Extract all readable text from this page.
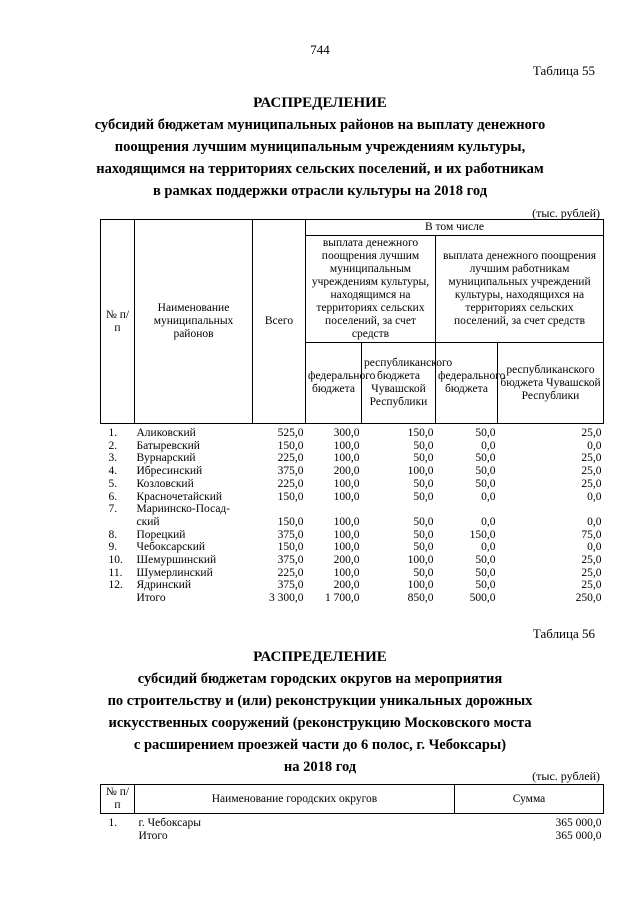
744
Таблица 55
РАСПРЕДЕЛЕНИЕ
субсидий бюджетам муниципальных районов на выплату денежного
поощрения лучшим муниципальным учреждениям культуры,
находящимся на территориях сельских поселений, и их работникам
в рамках поддержки отрасли культуры на 2018 год
(тыс. рублей)
№ п/п	Наименование муниципальных районов	Всего	В том числе			
			выплата денежного поощрения лучшим муниципальным учреждениям культуры, находящимся на территориях сельских поселений, за счет средств		выплата денежного поощрения лучшим работникам муниципальных учреждений культуры, находящихся на территориях сельских поселений, за счет средств	
			федерального бюджета	республиканского бюджета Чувашской Республики	федерального бюджета	республиканского бюджета Чувашской Республики
1.	Аликовский	525,0	300,0	150,0	50,0	25,0
2.	Батыревский	150,0	100,0	50,0	0,0	0,0
3.	Вурнарский	225,0	100,0	50,0	50,0	25,0
4.	Ибресинский	375,0	200,0	100,0	50,0	25,0
5.	Козловский	225,0	100,0	50,0	50,0	25,0
6.	Красночетайский	150,0	100,0	50,0	0,0	0,0
7.	Мариинско-Посад-					
	ский	150,0	100,0	50,0	0,0	0,0
8.	Порецкий	375,0	100,0	50,0	150,0	75,0
9.	Чебоксарский	150,0	100,0	50,0	0,0	0,0
10.	Шемуршинский	375,0	200,0	100,0	50,0	25,0
11.	Шумерлинский	225,0	100,0	50,0	50,0	25,0
12.	Ядринский	375,0	200,0	100,0	50,0	25,0
	Итого	3 300,0	1 700,0	850,0	500,0	250,0
Таблица 56
РАСПРЕДЕЛЕНИЕ
субсидий бюджетам городских округов на мероприятия
по строительству и (или) реконструкции уникальных дорожных
искусственных сооружений (реконструкцию Московского моста
с расширением проезжей части до 6 полос, г. Чебоксары)
на 2018 год
(тыс. рублей)
№ п/п	Наименование городских округов	Сумма
1.	г. Чебоксары	365 000,0
	Итого	365 000,0
